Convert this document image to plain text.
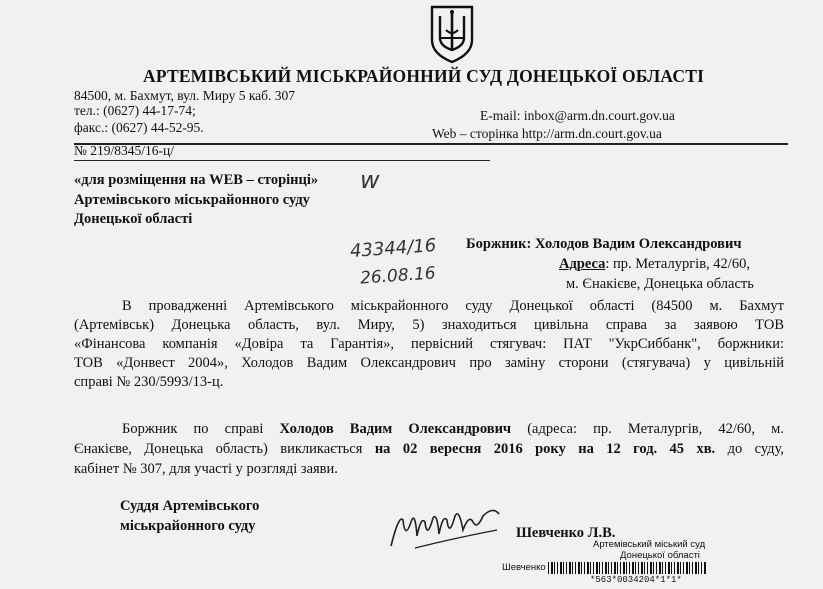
АРТЕМІВСЬКИЙ МІСЬКРАЙОННИЙ СУД ДОНЕЦЬКОЇ ОБЛАСТІ
84500, м. Бахмут, вул. Миру 5 каб. 307
тел.: (0627) 44-17-74;
факс.: (0627) 44-52-95.
E-mail: inbox@arm.dn.court.gov.ua
Web – сторінка http://arm.dn.court.gov.ua
№ 219/8345/16-ц/
«для розміщення на WEB – сторінці» w
Артемівського міськрайонного суду
Донецької області
43344/16
26.08.16
Боржник: Холодов Вадим Олександрович
Адреса: пр. Металургів, 42/60,
м. Єнакієве, Донецька область
В провадженні Артемівського міськрайонного суду Донецької області (84500 м. Бахмут
(Артемівськ) Донецька область, вул. Миру, 5) знаходиться цивільна справа за заявою ТОВ
«Фінансова компанія «Довіра та Гарантія», первісний стягувач: ПАТ "УкрСиббанк", боржники:
ТОВ «Донвест 2004», Холодов Вадим Олександрович про заміну сторони (стягувача) у цивільній
справі № 230/5993/13-ц.
Боржник по справі Холодов Вадим Олександрович (адреса: пр. Металургів, 42/60, м.
Єнакієве, Донецька область) викликається на 02 вересня 2016 року на 12 год. 45 хв. до суду,
кабінет № 307, для участі у розгляді заяви.
Суддя Артемівського
міськрайонного суду	Шевченко Л.В.
Артемівський міський суд
Донецької області
Шевченко
*563*0034204*1*1*
